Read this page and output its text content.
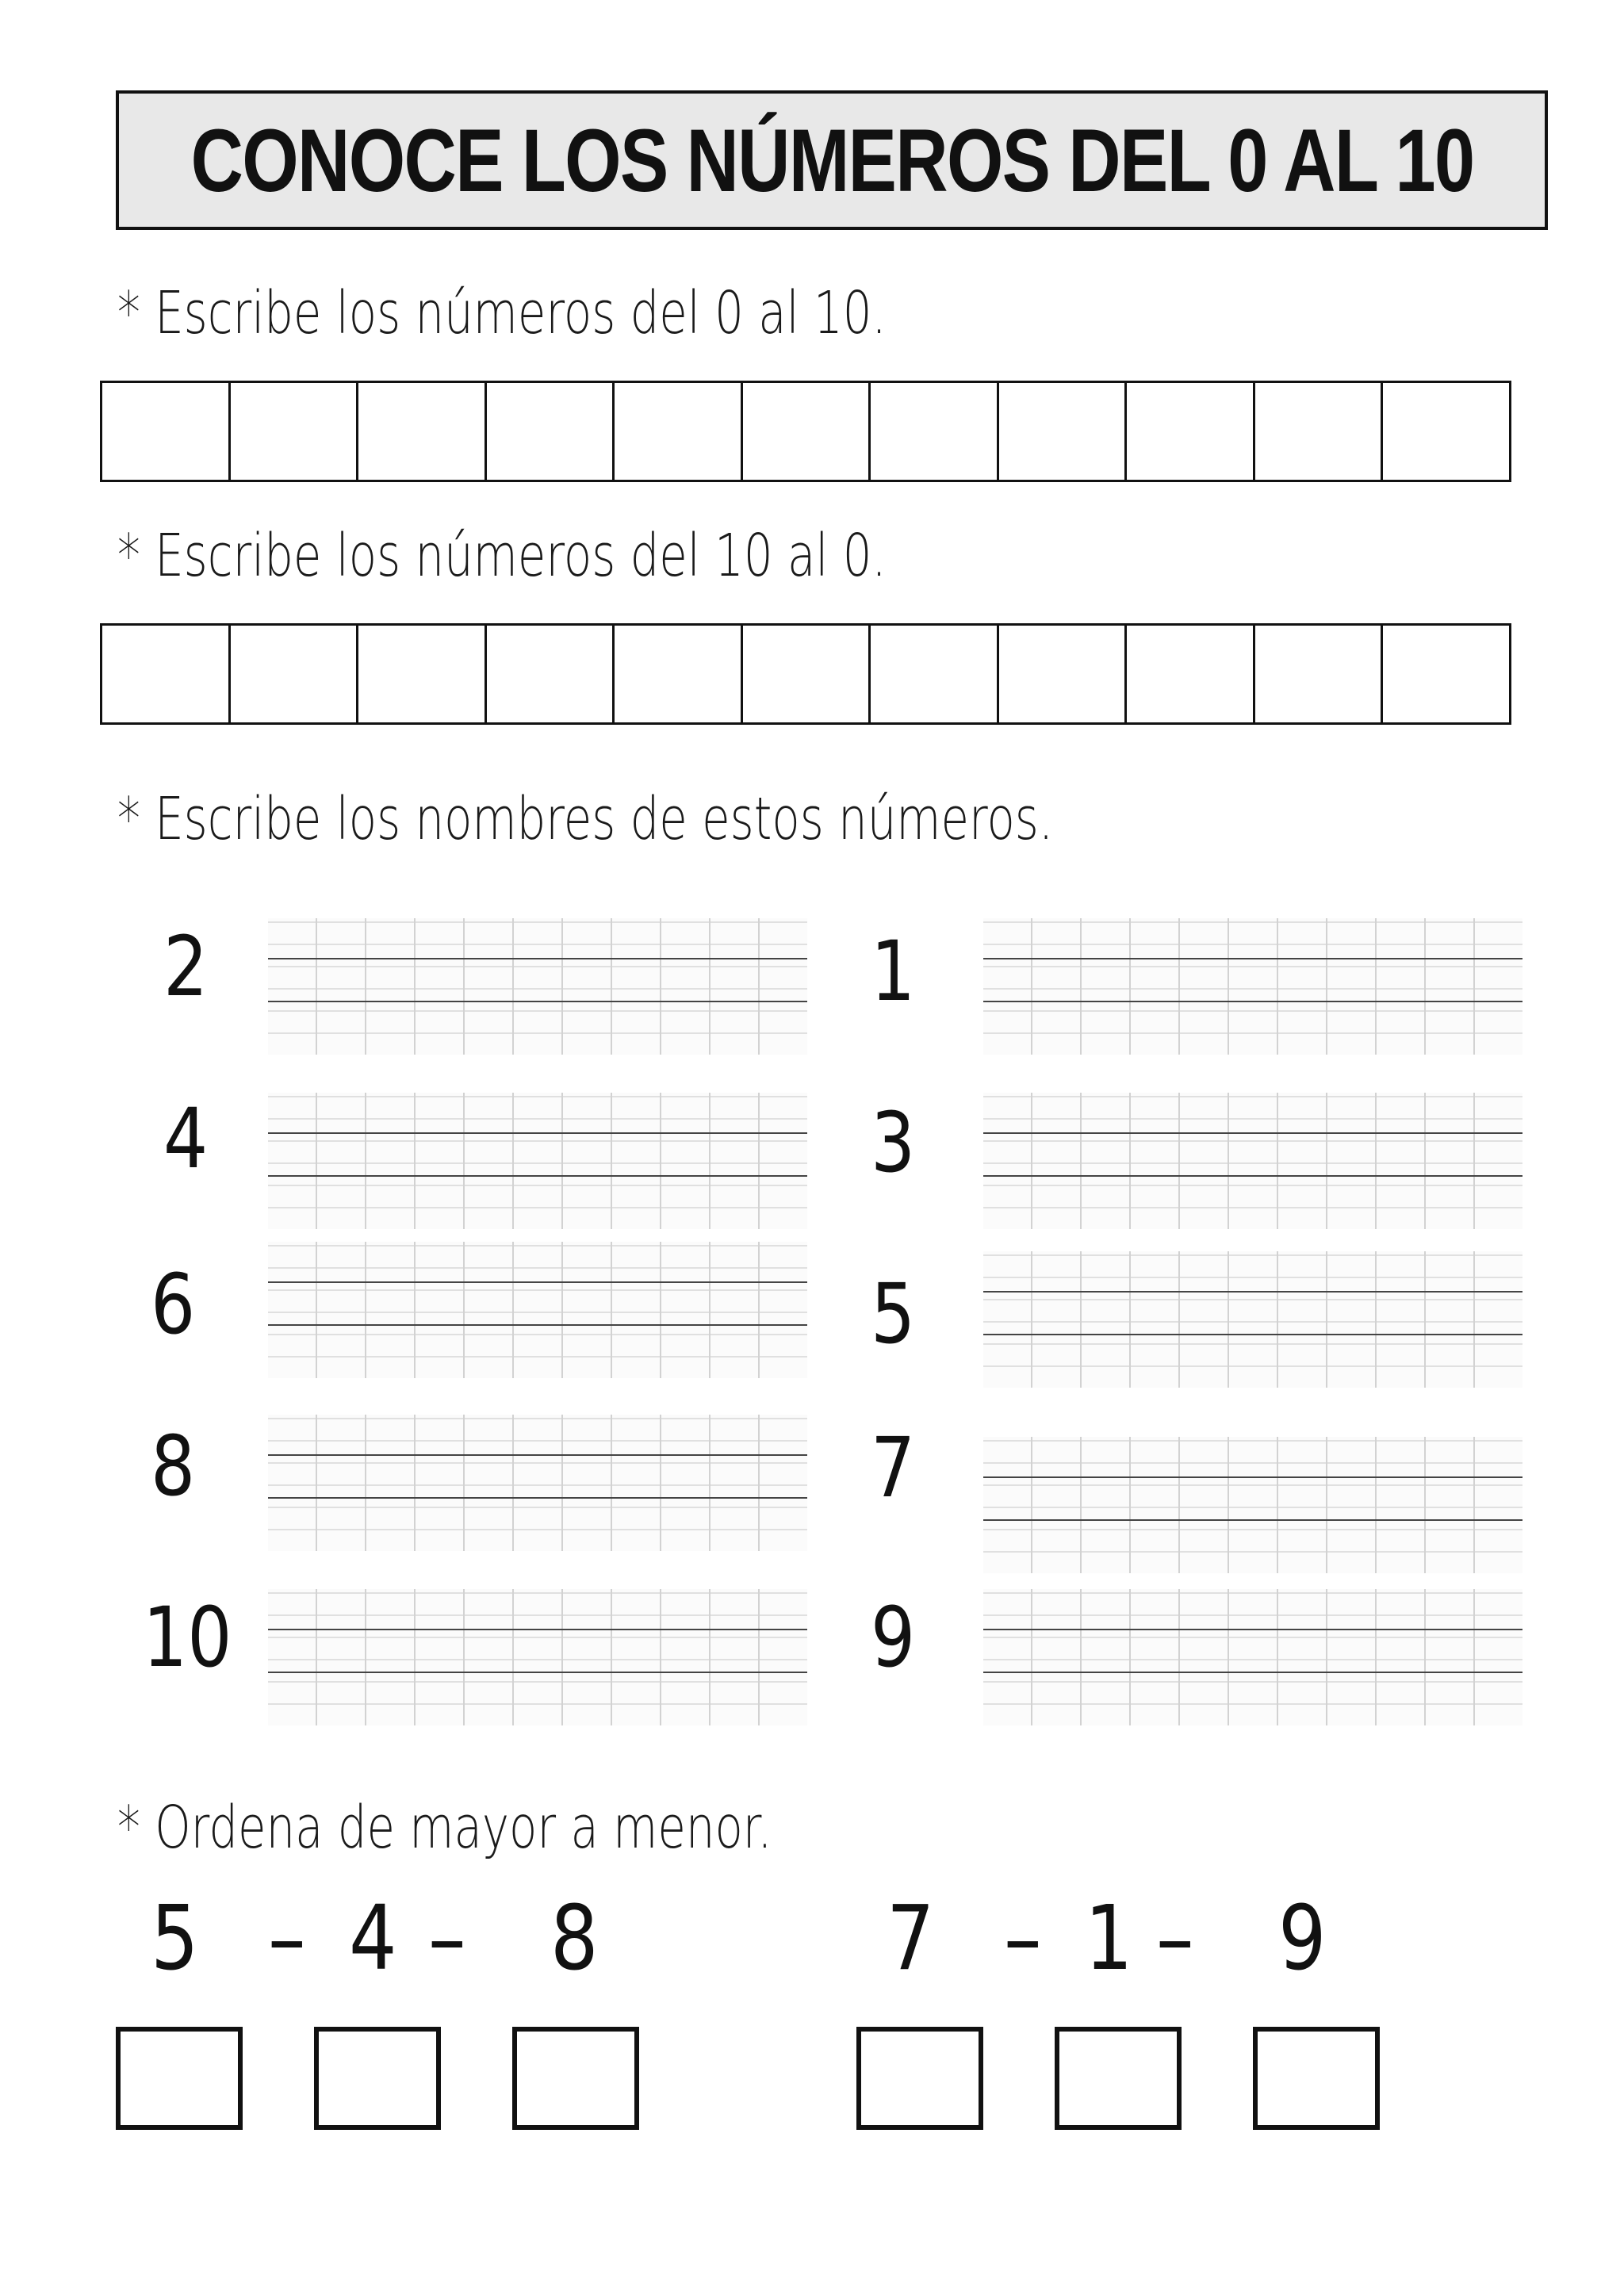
CONOCE LOS NÚMEROS DEL 0 AL 10
* Escribe los números del 0 al 10.
* Escribe los números del 10 al 0.
* Escribe los nombres de estos números.
2
4
6
8
10
1
3
5
7
9
* Ordena de mayor a menor.
5 – 4 – 8	7 – 1 – 9
